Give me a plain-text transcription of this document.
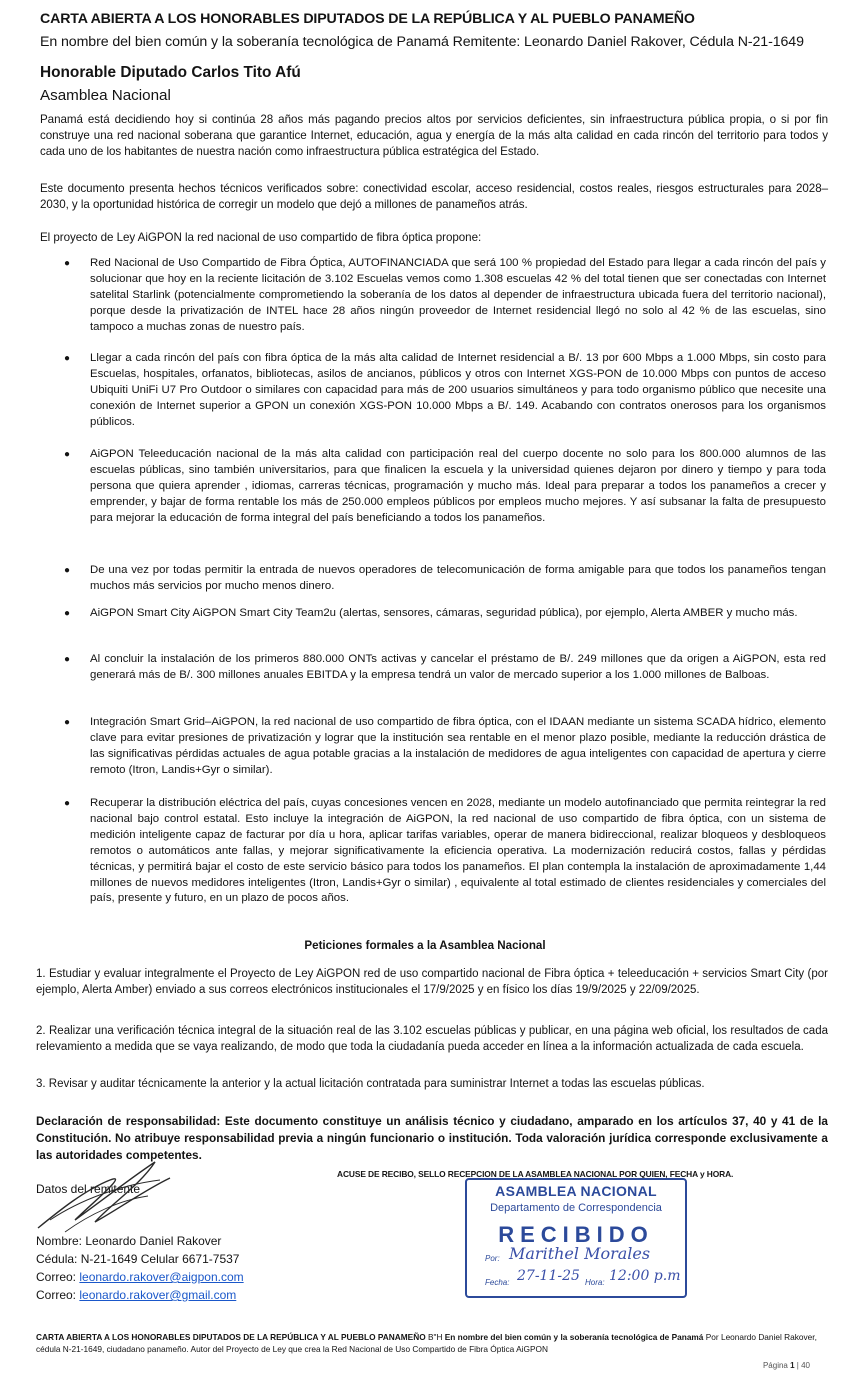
CARTA ABIERTA A LOS HONORABLES DIPUTADOS DE LA REPÚBLICA Y AL PUEBLO PANAMEÑO
En nombre del bien común y la soberanía tecnológica de Panamá Remitente: Leonardo Daniel Rakover, Cédula N-21-1649
Honorable Diputado Carlos Tito Afú
Asamblea Nacional
Panamá está decidiendo hoy si continúa 28 años más pagando precios altos por servicios deficientes, sin infraestructura pública propia, o si por fin construye una red nacional soberana que garantice Internet, educación, agua y energía de la más alta calidad en cada rincón del territorio para todos y cada uno de los habitantes de nuestra nación como infraestructura pública estratégica del Estado.
Este documento presenta hechos técnicos verificados sobre: conectividad escolar, acceso residencial, costos reales, riesgos estructurales para 2028–2030, y la oportunidad histórica de corregir un modelo que dejó a millones de panameños atrás.
El proyecto de Ley AiGPON la red nacional de uso compartido de fibra óptica propone:
● Red Nacional de Uso Compartido de Fibra Óptica, AUTOFINANCIADA que será 100 % propiedad del Estado para llegar a cada rincón del país y solucionar que hoy en la reciente licitación de 3.102 Escuelas vemos como 1.308 escuelas 42 % del total tienen que ser conectadas con Internet satelital Starlink (potencialmente comprometiendo la soberanía de los datos al depender de infraestructura ubicada fuera del territorio nacional), porque desde la privatización de INTEL hace 28 años ningún proveedor de Internet residencial llegó no solo al 42 % de las escuelas, sino tampoco a muchas zonas de nuestro país.
● Llegar a cada rincón del país con fibra óptica de la más alta calidad de Internet residencial a B/. 13 por 600 Mbps a 1.000 Mbps, sin costo para Escuelas, hospitales, orfanatos, bibliotecas, asilos de ancianos, públicos y otros con Internet XGS-PON de 10.000 Mbps con puntos de acceso Ubiquiti UniFi U7 Pro Outdoor o similares con capacidad para más de 200 usuarios simultáneos y para todo organismo público que necesite una conexión de Internet superior a GPON un conexión XGS-PON 10.000 Mbps a B/. 149. Acabando con contratos onerosos para los organismos públicos.
● AiGPON Teleeducación nacional de la más alta calidad con participación real del cuerpo docente no solo para los 800.000 alumnos de las escuelas públicas, sino también universitarios, para que finalicen la escuela y la universidad quienes dejaron por dinero y tiempo y para toda persona que quiera aprender , idiomas, carreras técnicas, programación y mucho más. Ideal para preparar a todos los panameños a crecer y emprender, y bajar de forma rentable los más de 250.000 empleos públicos por empleos mucho mejores. Y así subsanar la falta de presupuesto para mejorar la educación de forma integral del país beneficiando a todos los panameños.
● De una vez por todas permitir la entrada de nuevos operadores de telecomunicación de forma amigable para que todos los panameños tengan muchos más servicios por mucho menos dinero.
● AiGPON Smart City AiGPON Smart City Team2u (alertas, sensores, cámaras, seguridad pública), por ejemplo, Alerta AMBER y mucho más.
● Al concluir la instalación de los primeros 880.000 ONTs activas y cancelar el préstamo de B/. 249 millones que da origen a AiGPON, esta red generará más de B/. 300 millones anuales EBITDA y la empresa tendrá un valor de mercado superior a los 1.000 millones de Balboas.
● Integración Smart Grid–AiGPON, la red nacional de uso compartido de fibra óptica, con el IDAAN mediante un sistema SCADA hídrico, elemento clave para evitar presiones de privatización y lograr que la institución sea rentable en el menor plazo posible, mediante la reducción drástica de las significativas pérdidas actuales de agua potable gracias a la instalación de medidores de agua inteligentes con capacidad de apertura y cierre remoto (Itron, Landis+Gyr o similar).
● Recuperar la distribución eléctrica del país, cuyas concesiones vencen en 2028, mediante un modelo autofinanciado que permita reintegrar la red nacional bajo control estatal. Esto incluye la integración de AiGPON, la red nacional de uso compartido de fibra óptica, con un sistema de medición inteligente capaz de facturar por día u hora, aplicar tarifas variables, operar de manera bidireccional, realizar bloqueos y desbloqueos remotos o automáticos ante fallas, y mejorar significativamente la eficiencia operativa. La modernización reducirá costos, fallas y pérdidas técnicas, y permitirá bajar el costo de este servicio básico para todos los panameños. El plan contempla la instalación de aproximadamente 1,44 millones de nuevos medidores inteligentes (Itron, Landis+Gyr o similar) , equivalente al total estimado de clientes residenciales y comerciales del país, presente y futuro, en un plazo de pocos años.
Peticiones formales a la Asamblea Nacional
1. Estudiar y evaluar integralmente el Proyecto de Ley AiGPON red de uso compartido nacional de Fibra óptica + teleeducación + servicios Smart City (por ejemplo, Alerta Amber) enviado a sus correos electrónicos institucionales el 17/9/2025 y en físico los días 19/9/2025 y 22/09/2025.
2. Realizar una verificación técnica integral de la situación real de las 3.102 escuelas públicas y publicar, en una página web oficial, los resultados de cada relevamiento a medida que se vaya realizando, de modo que toda la ciudadanía pueda acceder en línea a la información actualizada de cada escuela.
3. Revisar y auditar técnicamente la anterior y la actual licitación contratada para suministrar Internet a todas las escuelas públicas.
Declaración de responsabilidad: Este documento constituye un análisis técnico y ciudadano, amparado en los artículos 37, 40 y 41 de la Constitución. No atribuye responsabilidad previa a ningún funcionario o institución. Toda valoración jurídica corresponde exclusivamente a las autoridades competentes.
ACUSE DE RECIBO, SELLO RECEPCION DE LA ASAMBLEA NACIONAL POR QUIEN, FECHA y HORA.
Datos del remitente
Nombre: Leonardo Daniel Rakover
Cédula: N-21-1649 Celular 6671-7537
Correo: leonardo.rakover@aigpon.com
Correo: leonardo.rakover@gmail.com
ASAMBLEA NACIONAL
Departamento de Correspondencia
RECIBIDO
Por: Marithel Morales
Fecha: 27-11-25 Hora: 12:00 p.m
CARTA ABIERTA A LOS HONORABLES DIPUTADOS DE LA REPÚBLICA Y AL PUEBLO PANAMEÑO B"H En nombre del bien común y la soberanía tecnológica de Panamá Por Leonardo Daniel Rakover, cédula N-21-1649, ciudadano panameño. Autor del Proyecto de Ley que crea la Red Nacional de Uso Compartido de Fibra Óptica AiGPON
Página 1 | 40
